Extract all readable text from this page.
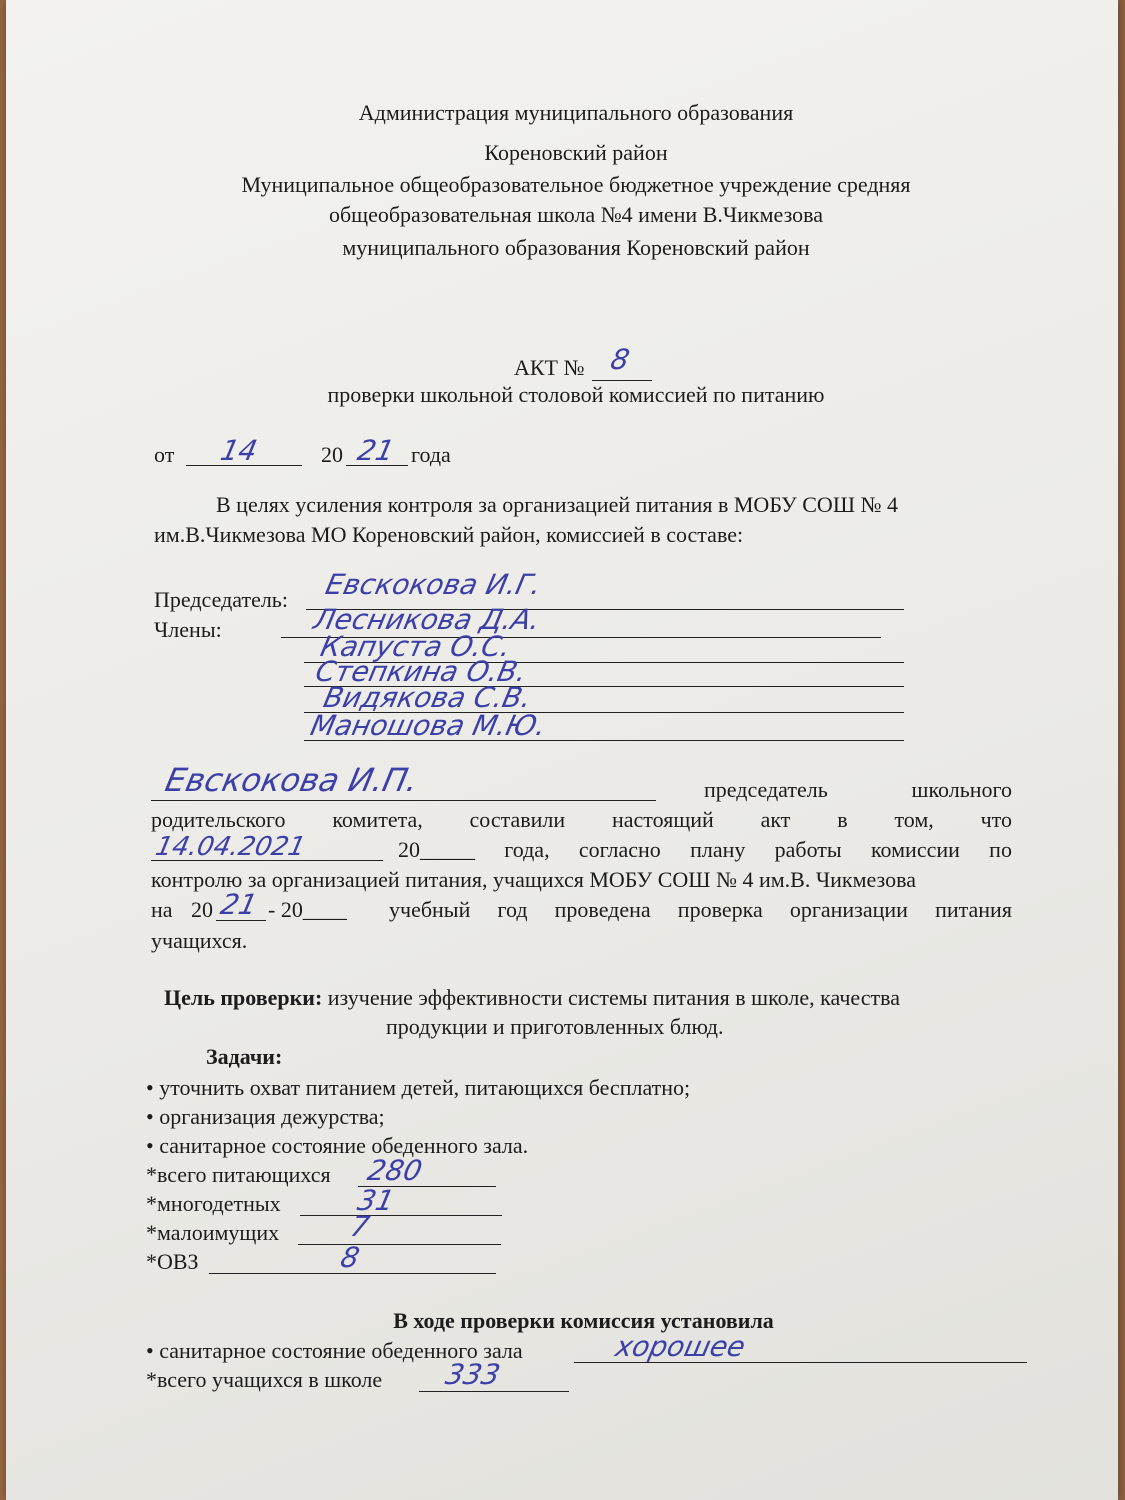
Администрация муниципального образования
Кореновский район
Муниципальное общеобразовательное бюджетное учреждение средняя
общеобразовательная школа №4 имени В.Чикмезова
муниципального образования Кореновский район
АКТ № 8
проверки школьной столовой комиссией по питанию
от 14	20 21 года
В целях усиления контроля за организацией питания в МОБУ СОШ № 4
им.В.Чикмезова МО Кореновский район, комиссией в составе:
Председатель: Евскокова И.Г.
Члены:	Лесникова Д.А.
Капуста О.С.
Степкина О.В.
Видякова С.В.
Маношова М.Ю.
Евскокова И.П.	председатель	школьного
родительского комитета, составили настоящий акт в том, что
14.04.2021	20_____ года, согласно плану работы комиссии по
контролю за организацией питания, учащихся МОБУ СОШ № 4 им.В. Чикмезова
на 20 21 - 20____ учебный год проведена проверка организации питания
учащихся.
Цель проверки: изучение эффективности системы питания в школе, качества
продукции и приготовленных блюд.
Задачи:
• уточнить охват питанием детей, питающихся бесплатно;
• организация дежурства;
• санитарное состояние обеденного зала.
*всего питающихся 280
*многодетных	31
*малоимущих 7
*ОВЗ	8
В ходе проверки комиссия установила
• санитарное состояние обеденного зала	хорошее
*всего учащихся в школе 333
